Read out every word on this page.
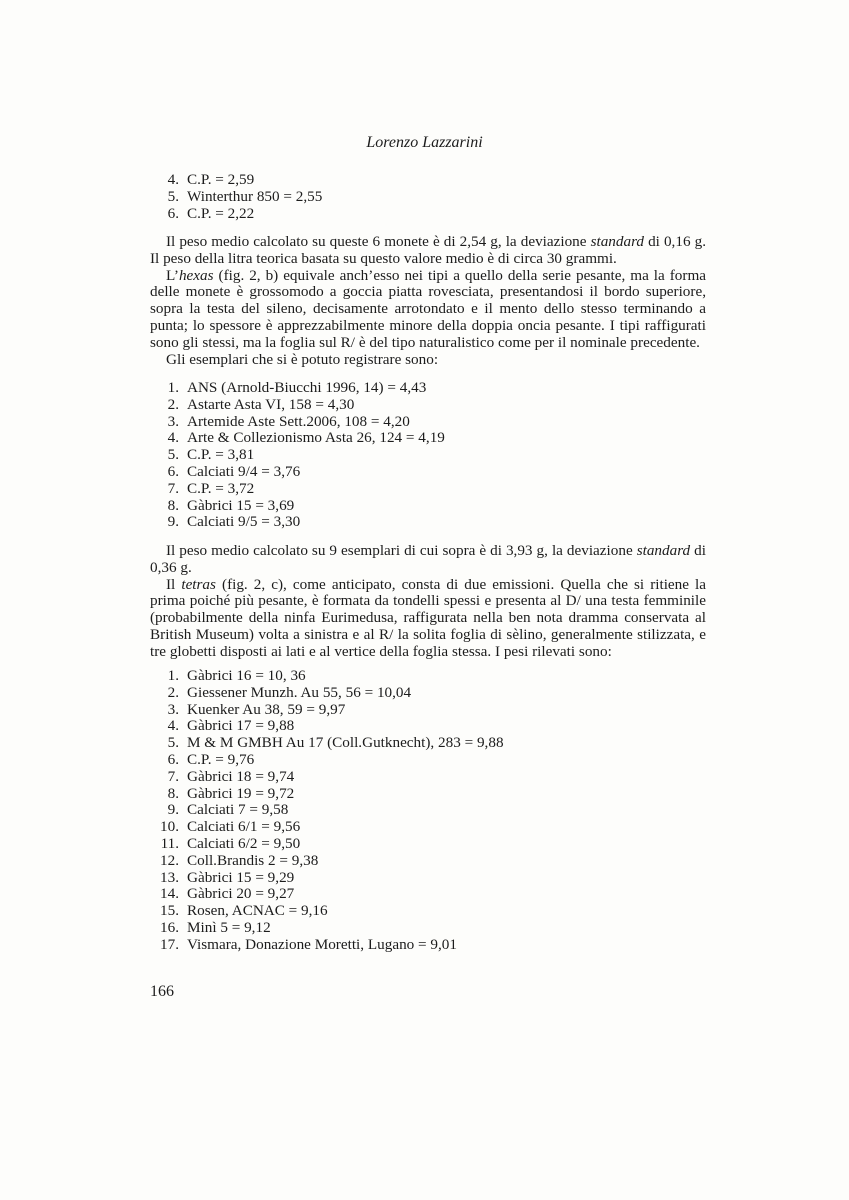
Lorenzo Lazzarini
4. C.P. = 2,59
5. Winterthur 850 = 2,55
6. C.P. = 2,22

Il peso medio calcolato su queste 6 monete è di 2,54 g, la deviazione standard di 0,16 g. Il peso della litra teorica basata su questo valore medio è di circa 30 grammi.

L’hexas (fig. 2, b) equivale anch’esso nei tipi a quello della serie pesante, ma la forma delle monete è grossomodo a goccia piatta rovesciata, presentandosi il bordo superiore, sopra la testa del sileno, decisamente arrotondato e il mento dello stesso terminando a punta; lo spessore è apprezzabilmente minore della doppia oncia pesante. I tipi raffigurati sono gli stessi, ma la foglia sul R/ è del tipo naturalistico come per il nominale precedente.

Gli esemplari che si è potuto registrare sono:

1. ANS (Arnold-Biucchi 1996, 14) = 4,43
2. Astarte Asta VI, 158 = 4,30
3. Artemide Aste Sett.2006, 108 = 4,20
4. Arte & Collezionismo Asta 26, 124 = 4,19
5. C.P. = 3,81
6. Calciati 9/4 = 3,76
7. C.P. = 3,72
8. Gàbrici 15 = 3,69
9. Calciati 9/5 = 3,30

Il peso medio calcolato su 9 esemplari di cui sopra è di 3,93 g, la deviazione standard di 0,36 g.

Il tetras (fig. 2, c), come anticipato, consta di due emissioni. Quella che si ritiene la prima poiché più pesante, è formata da tondelli spessi e presenta al D/ una testa femminile (probabilmente della ninfa Eurimedusa, raffigurata nella ben nota dramma conservata al British Museum) volta a sinistra e al R/ la solita foglia di sèlino, generalmente stilizzata, e tre globetti disposti ai lati e al vertice della foglia stessa. I pesi rilevati sono:

1. Gàbrici 16 = 10, 36
2. Giessener Munzh. Au 55, 56 = 10,04
3. Kuenker Au 38, 59 = 9,97
4. Gàbrici 17 = 9,88
5. M & M GMBH Au 17 (Coll.Gutknecht), 283 = 9,88
6. C.P. = 9,76
7. Gàbrici 18 = 9,74
8. Gàbrici 19 = 9,72
9. Calciati 7 = 9,58
10. Calciati 6/1 = 9,56
11. Calciati 6/2 = 9,50
12. Coll.Brandis 2 = 9,38
13. Gàbrici 15 = 9,29
14. Gàbrici 20 = 9,27
15. Rosen, ACNAC = 9,16
16. Minì 5 = 9,12
17. Vismara, Donazione Moretti, Lugano = 9,01
166
